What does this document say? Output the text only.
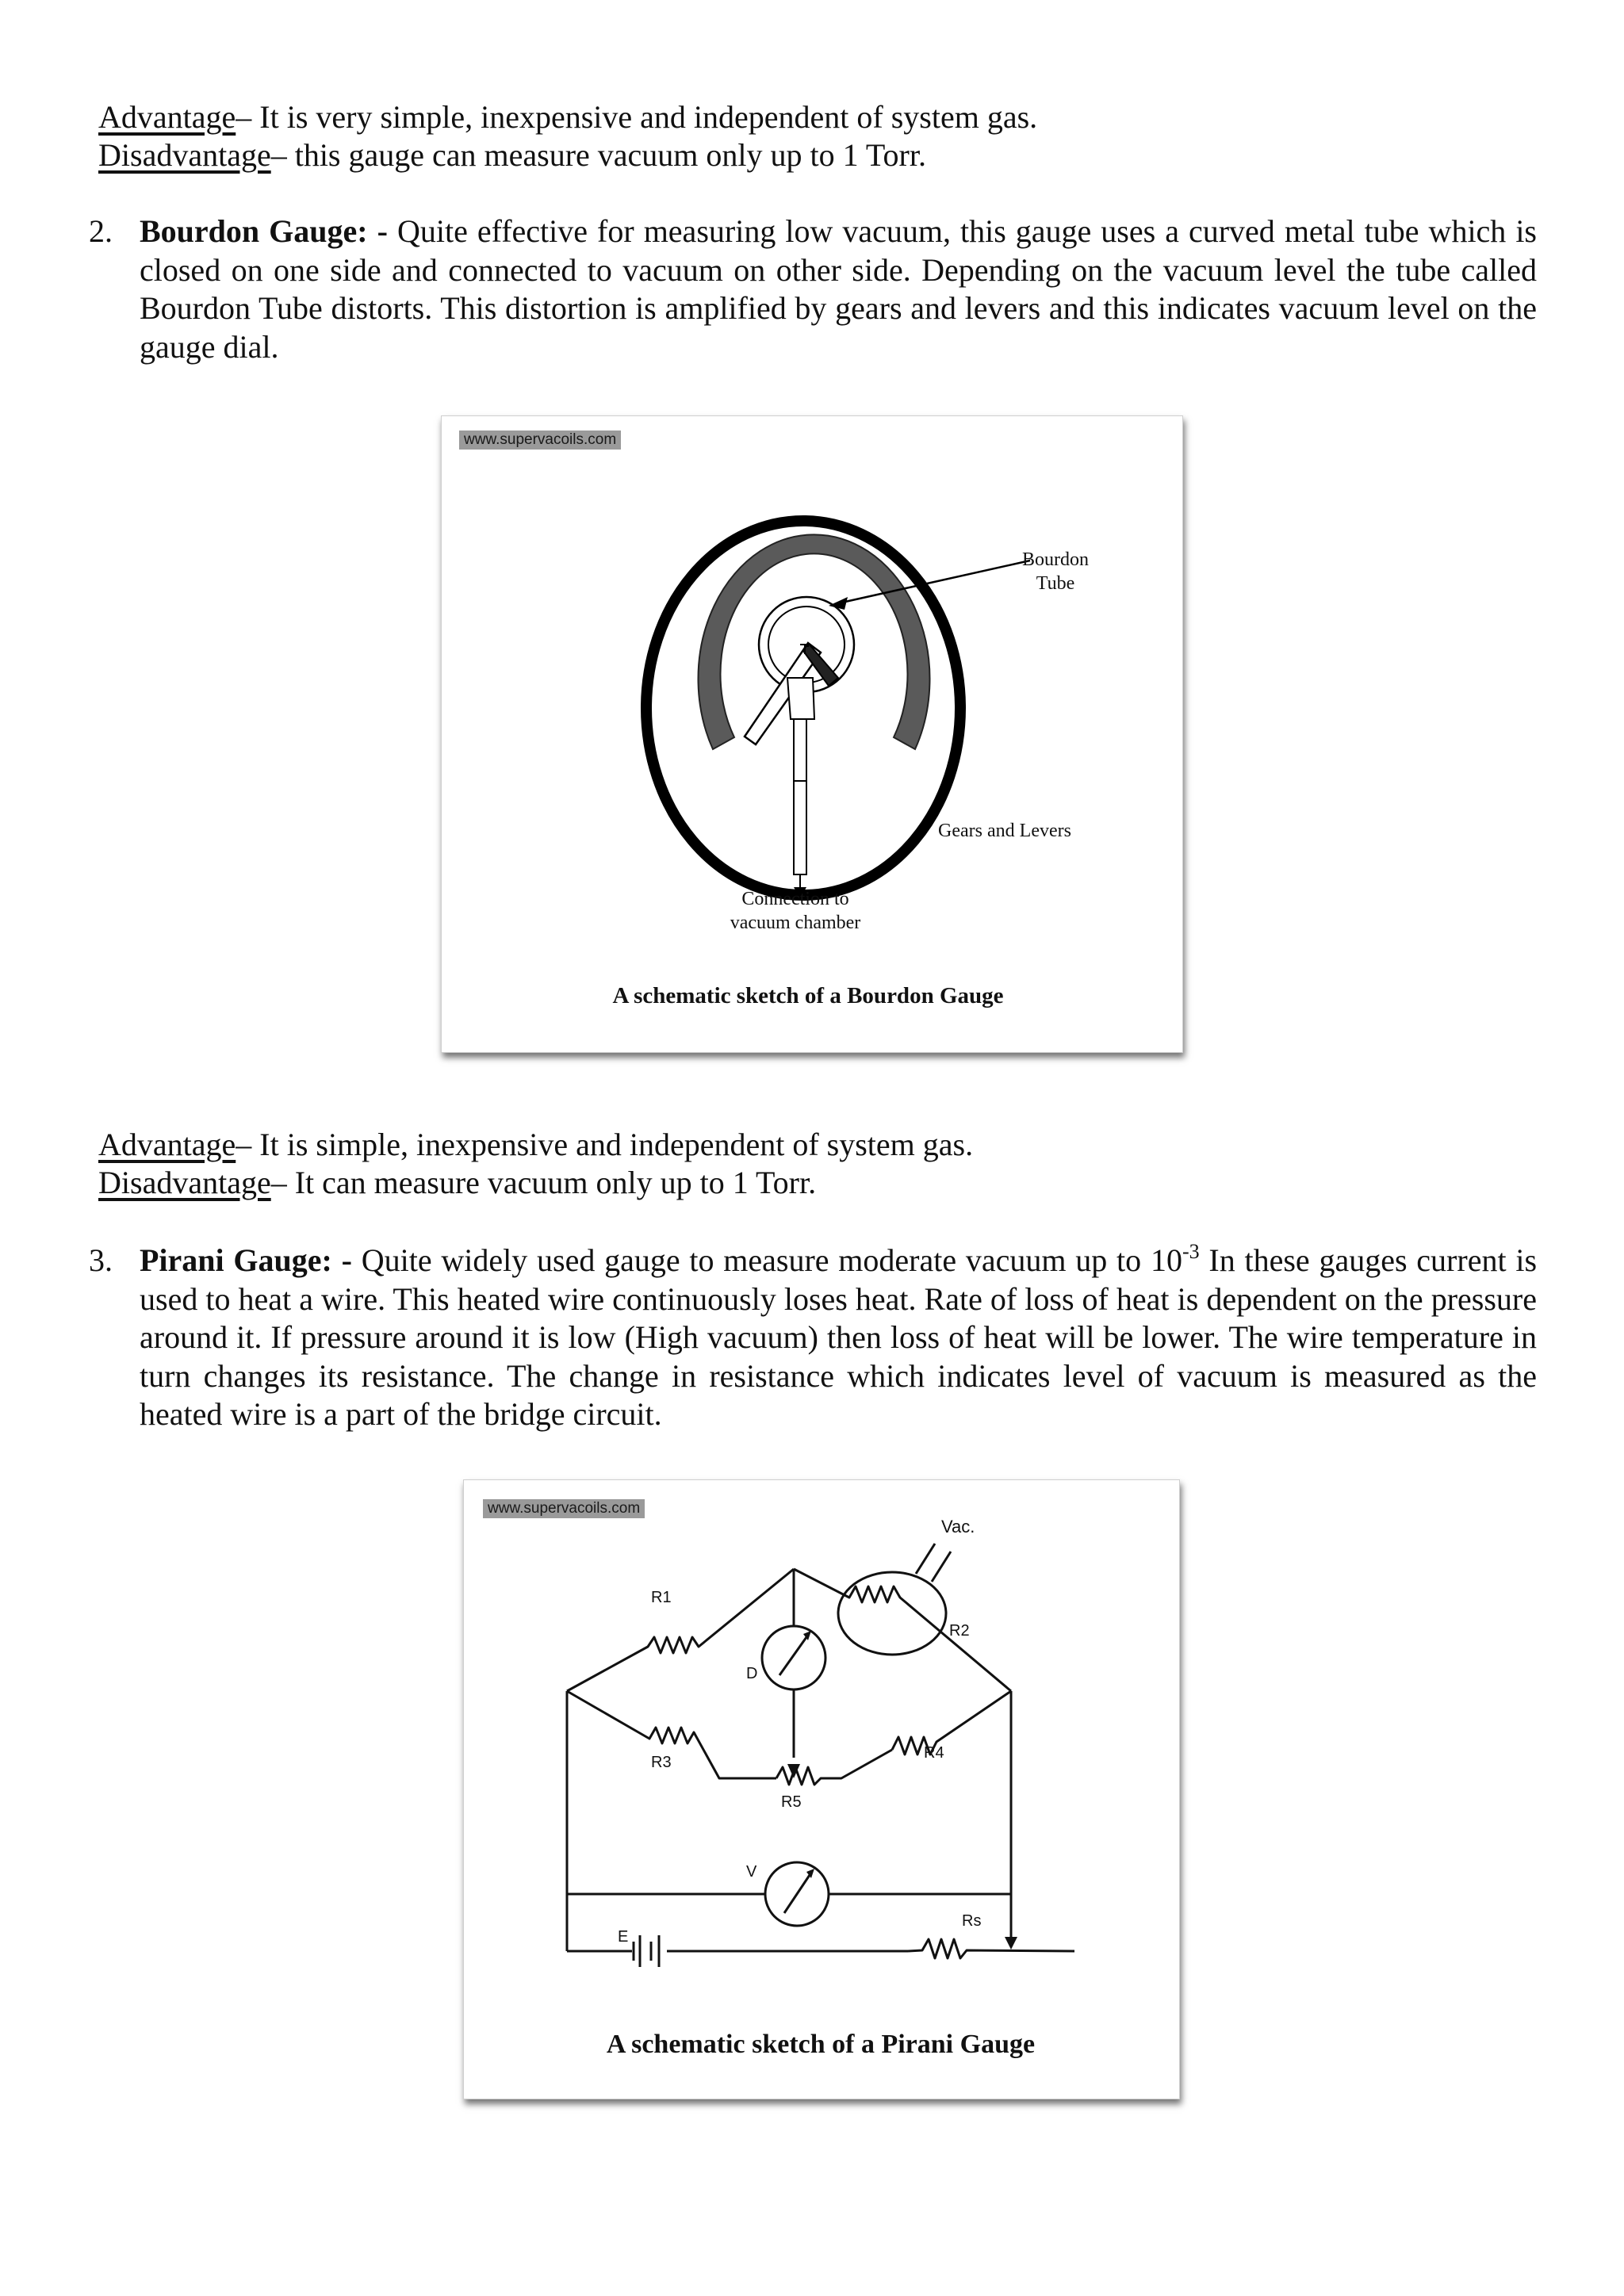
Advantage– It is very simple, inexpensive and independent of system gas.
Disadvantage– this gauge can measure vacuum only up to 1 Torr.
2. Bourdon Gauge: - Quite effective for measuring low vacuum, this gauge uses a curved metal tube which is closed on one side and connected to vacuum on other side. Depending on the vacuum level the tube called Bourdon Tube distorts. This distortion is amplified by gears and levers and this indicates vacuum level on the gauge dial.
www.supervacoils.com
Bourdon
Tube
Gears and Levers
Connection to
vacuum chamber
A schematic sketch of a Bourdon Gauge
Advantage– It is simple, inexpensive and independent of system gas.
Disadvantage– It can measure vacuum only up to 1 Torr.
3. Pirani Gauge: - Quite widely used gauge to measure moderate vacuum up to $10^{-3}$ In these gauges current is used to heat a wire. This heated wire continuously loses heat. Rate of loss of heat is dependent on the pressure around it. If pressure around it is low (High vacuum) then loss of heat will be lower. The wire temperature in turn changes its resistance. The change in resistance which indicates level of vacuum is measured as the heated wire is a part of the bridge circuit.
www.supervacoils.com
Vac.
R1
R2
R3
R4
R5
Rs
D
V
E
A schematic sketch of a Pirani Gauge
